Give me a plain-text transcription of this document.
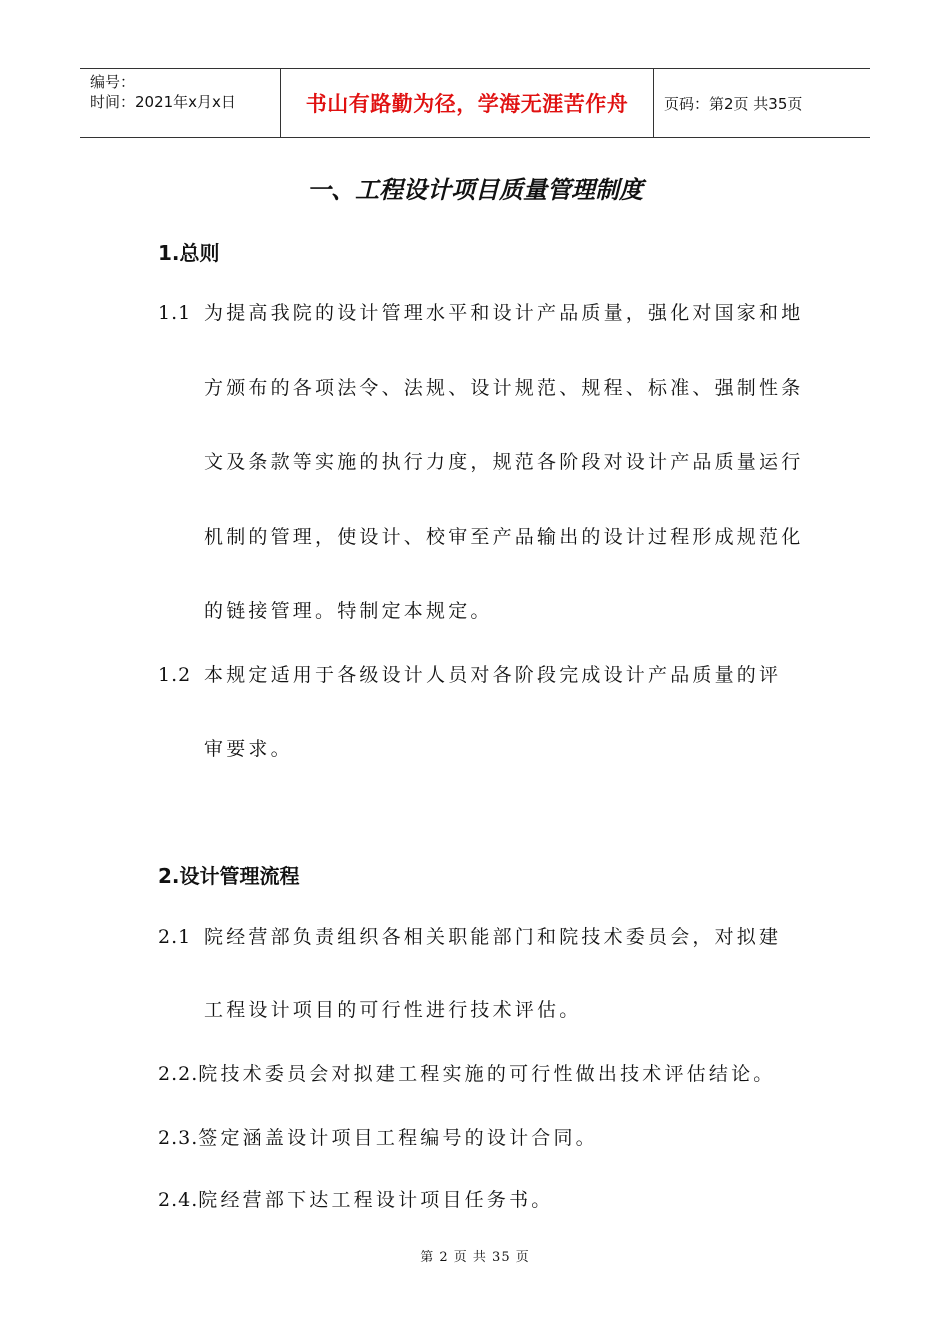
编号：
时间：2021年x月x日	书山有路勤为径，学海无涯苦作舟	页码：第2页 共35页
一、工程设计项目质量管理制度
1.总则
1.1 为提高我院的设计管理水平和设计产品质量，强化对国家和地
方颁布的各项法令、法规、设计规范、规程、标准、强制性条
文及条款等实施的执行力度，规范各阶段对设计产品质量运行
机制的管理，使设计、校审至产品输出的设计过程形成规范化
的链接管理。特制定本规定。
1.2 本规定适用于各级设计人员对各阶段完成设计产品质量的评
审要求。
2.设计管理流程
2.1 院经营部负责组织各相关职能部门和院技术委员会，对拟建
工程设计项目的可行性进行技术评估。
2.2.院技术委员会对拟建工程实施的可行性做出技术评估结论。
2.3.签定涵盖设计项目工程编号的设计合同。
2.4.院经营部下达工程设计项目任务书。
第 2 页 共 35 页
